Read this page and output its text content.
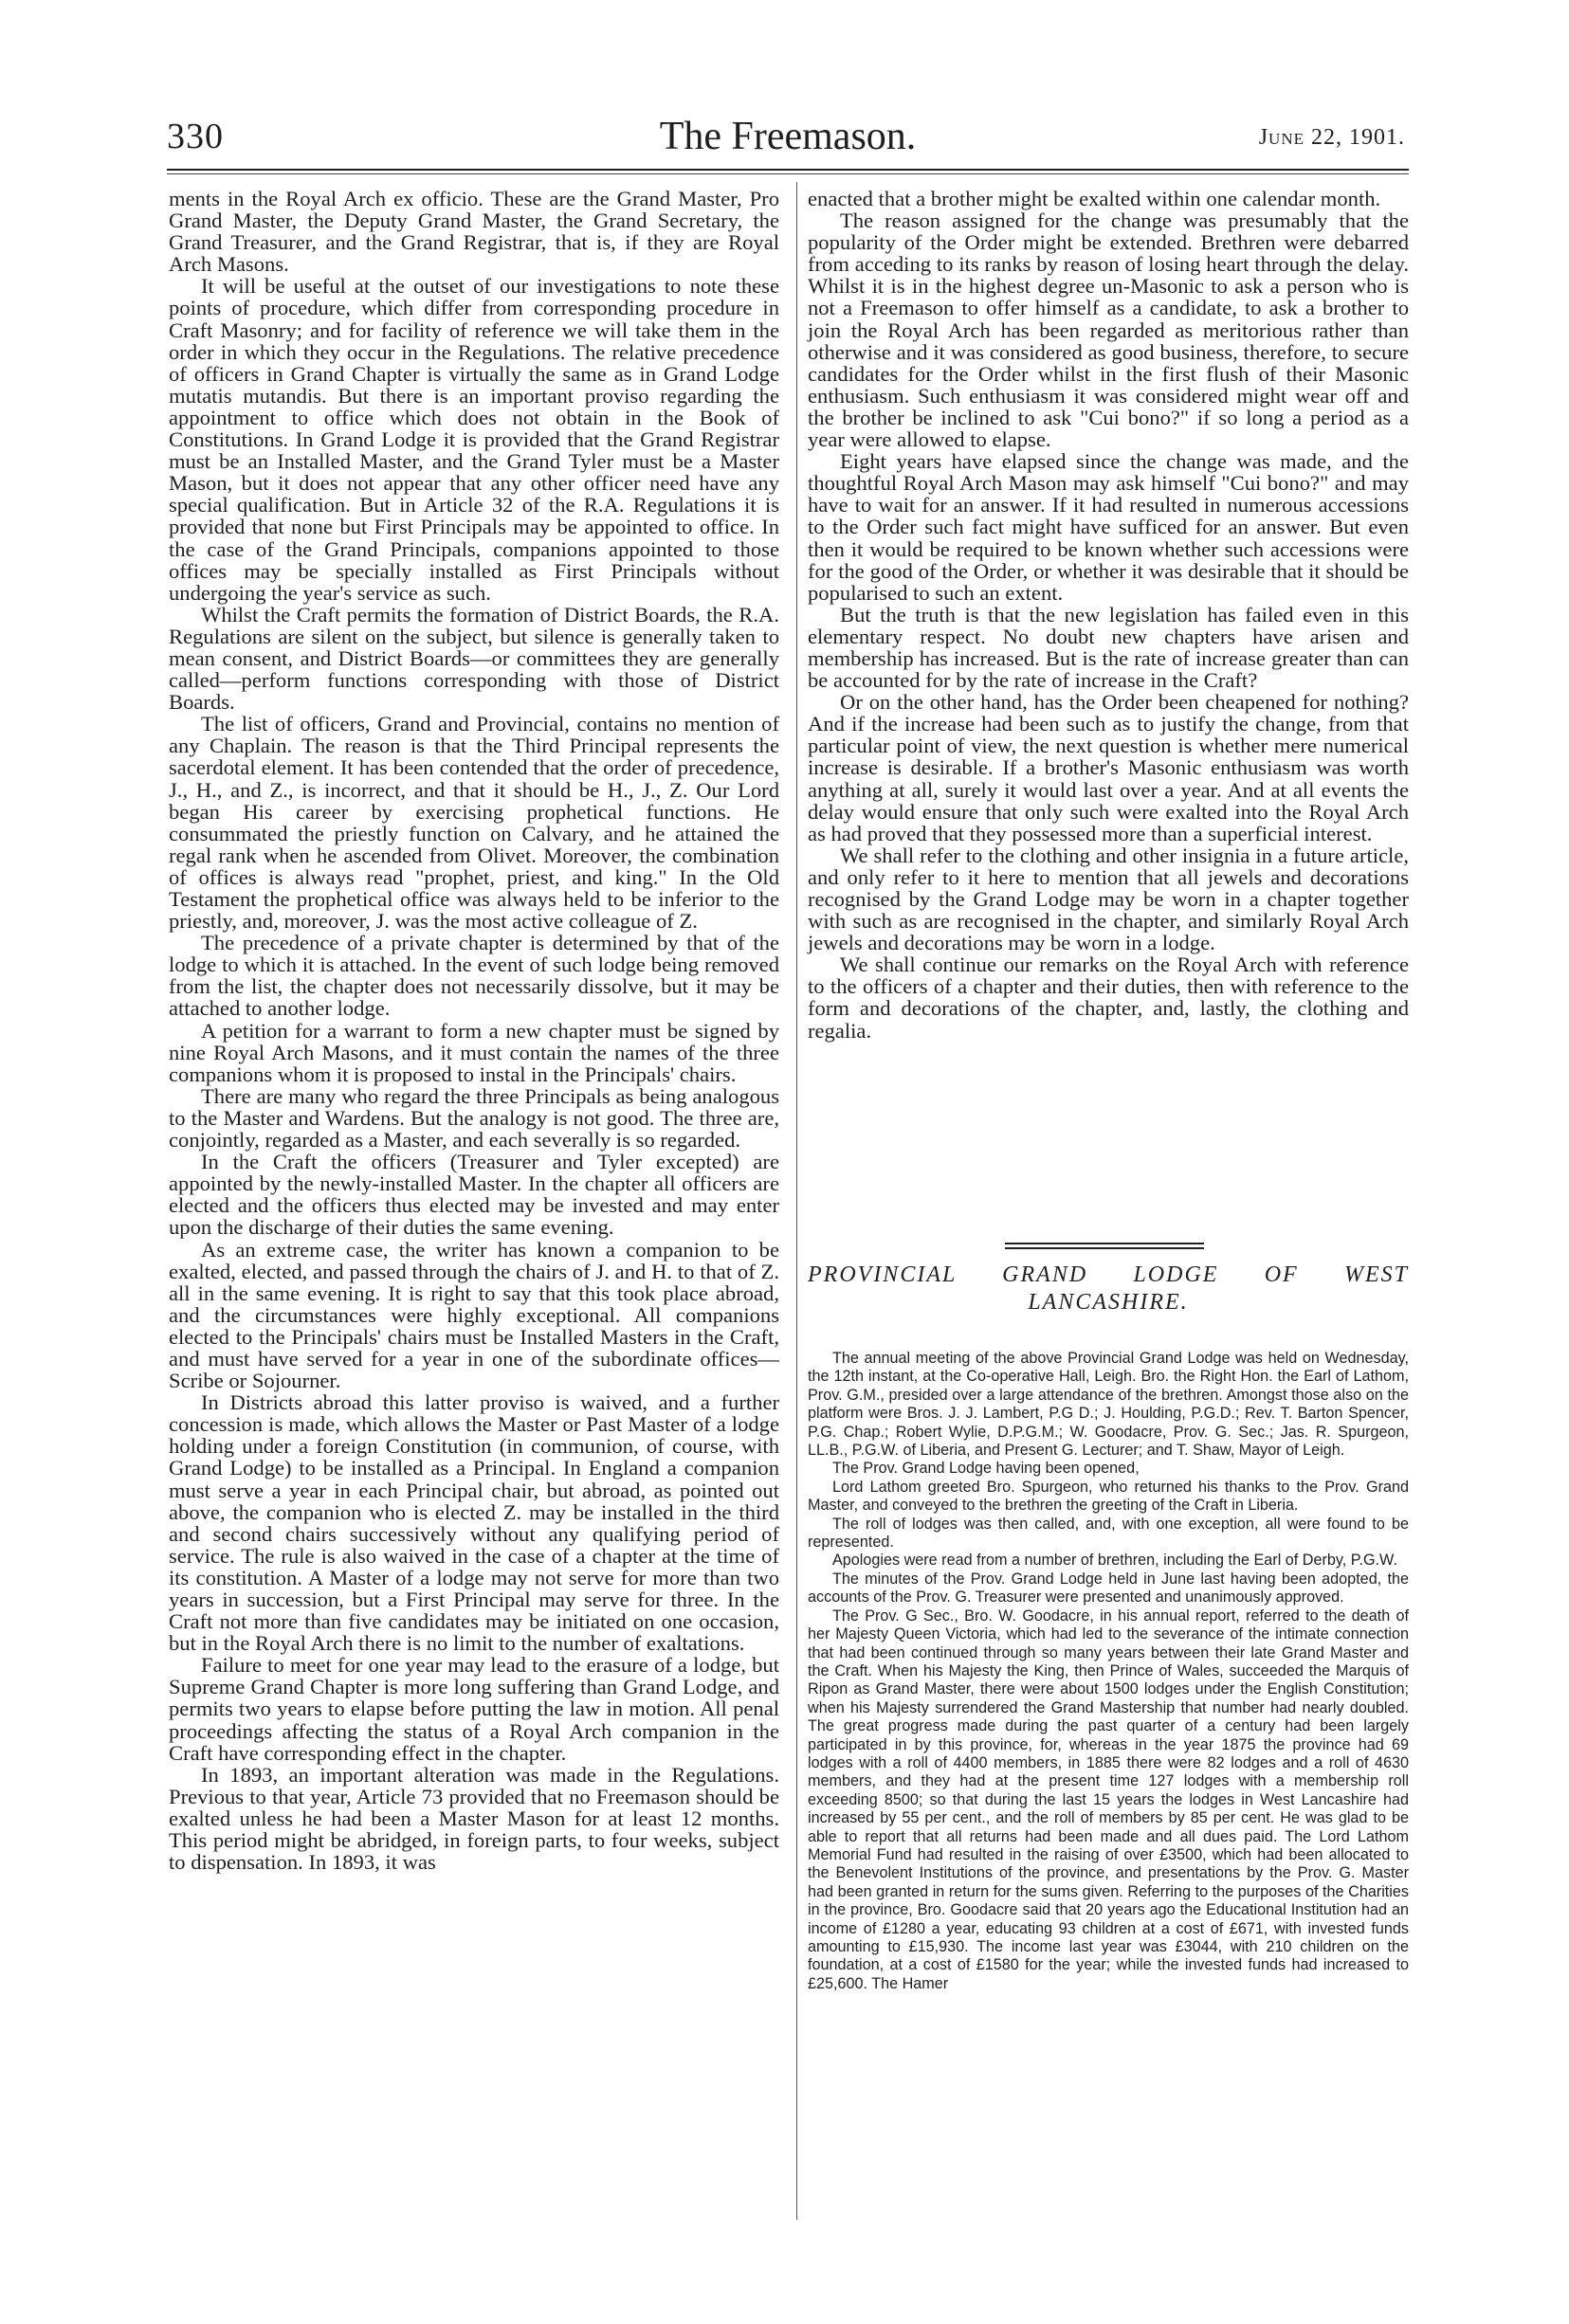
330	The Freemason.	June 22, 1901.

ments in the Royal Arch ex officio. These are the Grand Master, Pro Grand Master, the Deputy Grand Master, the Grand Secretary, the Grand Treasurer, and the Grand Registrar, that is, if they are Royal Arch Masons.

It will be useful at the outset of our investigations to note these points of procedure, which differ from corresponding procedure in Craft Masonry; and for facility of reference we will take them in the order in which they occur in the Regulations. The relative precedence of officers in Grand Chapter is virtually the same as in Grand Lodge mutatis mutandis. But there is an important proviso regarding the appointment to office which does not obtain in the Book of Constitutions. In Grand Lodge it is provided that the Grand Registrar must be an Installed Master, and the Grand Tyler must be a Master Mason, but it does not appear that any other officer need have any special qualification. But in Article 32 of the R.A. Regulations it is provided that none but First Principals may be appointed to office. In the case of the Grand Principals, companions appointed to those offices may be specially installed as First Principals without undergoing the year's service as such.

Whilst the Craft permits the formation of District Boards, the R.A. Regulations are silent on the subject, but silence is generally taken to mean consent, and District Boards—or committees they are generally called—perform functions corresponding with those of District Boards.

The list of officers, Grand and Provincial, contains no mention of any Chaplain. The reason is that the Third Principal represents the sacerdotal element. It has been contended that the order of precedence, J., H., and Z., is incorrect, and that it should be H., J., Z. Our Lord began His career by exercising prophetical functions. He consummated the priestly function on Calvary, and he attained the regal rank when he ascended from Olivet. Moreover, the combination of offices is always read "prophet, priest, and king." In the Old Testament the prophetical office was always held to be inferior to the priestly, and, moreover, J. was the most active colleague of Z.

The precedence of a private chapter is determined by that of the lodge to which it is attached. In the event of such lodge being removed from the list, the chapter does not necessarily dissolve, but it may be attached to another lodge.

A petition for a warrant to form a new chapter must be signed by nine Royal Arch Masons, and it must contain the names of the three companions whom it is proposed to instal in the Principals' chairs.

There are many who regard the three Principals as being analogous to the Master and Wardens. But the analogy is not good. The three are, conjointly, regarded as a Master, and each severally is so regarded.

In the Craft the officers (Treasurer and Tyler excepted) are appointed by the newly-installed Master. In the chapter all officers are elected and the officers thus elected may be invested and may enter upon the discharge of their duties the same evening.

As an extreme case, the writer has known a companion to be exalted, elected, and passed through the chairs of J. and H. to that of Z. all in the same evening. It is right to say that this took place abroad, and the circumstances were highly exceptional. All companions elected to the Principals' chairs must be Installed Masters in the Craft, and must have served for a year in one of the subordinate offices—Scribe or Sojourner.

In Districts abroad this latter proviso is waived, and a further concession is made, which allows the Master or Past Master of a lodge holding under a foreign Constitution (in communion, of course, with Grand Lodge) to be installed as a Principal. In England a companion must serve a year in each Principal chair, but abroad, as pointed out above, the companion who is elected Z. may be installed in the third and second chairs successively without any qualifying period of service. The rule is also waived in the case of a chapter at the time of its constitution. A Master of a lodge may not serve for more than two years in succession, but a First Principal may serve for three. In the Craft not more than five candidates may be initiated on one occasion, but in the Royal Arch there is no limit to the number of exaltations.

Failure to meet for one year may lead to the erasure of a lodge, but Supreme Grand Chapter is more long suffering than Grand Lodge, and permits two years to elapse before putting the law in motion. All penal proceedings affecting the status of a Royal Arch companion in the Craft have corresponding effect in the chapter.

In 1893, an important alteration was made in the Regulations. Previous to that year, Article 73 provided that no Freemason should be exalted unless he had been a Master Mason for at least 12 months. This period might be abridged, in foreign parts, to four weeks, subject to dispensation. In 1893, it was

enacted that a brother might be exalted within one calendar month.

The reason assigned for the change was presumably that the popularity of the Order might be extended. Brethren were debarred from acceding to its ranks by reason of losing heart through the delay. Whilst it is in the highest degree un-Masonic to ask a person who is not a Freemason to offer himself as a candidate, to ask a brother to join the Royal Arch has been regarded as meritorious rather than otherwise and it was considered as good business, therefore, to secure candidates for the Order whilst in the first flush of their Masonic enthusiasm. Such enthusiasm it was considered might wear off and the brother be inclined to ask "Cui bono?" if so long a period as a year were allowed to elapse.

Eight years have elapsed since the change was made, and the thoughtful Royal Arch Mason may ask himself "Cui bono?" and may have to wait for an answer. If it had resulted in numerous accessions to the Order such fact might have sufficed for an answer. But even then it would be required to be known whether such accessions were for the good of the Order, or whether it was desirable that it should be popularised to such an extent.

But the truth is that the new legislation has failed even in this elementary respect. No doubt new chapters have arisen and membership has increased. But is the rate of increase greater than can be accounted for by the rate of increase in the Craft?

Or on the other hand, has the Order been cheapened for nothing? And if the increase had been such as to justify the change, from that particular point of view, the next question is whether mere numerical increase is desirable. If a brother's Masonic enthusiasm was worth anything at all, surely it would last over a year. And at all events the delay would ensure that only such were exalted into the Royal Arch as had proved that they possessed more than a superficial interest.

We shall refer to the clothing and other insignia in a future article, and only refer to it here to mention that all jewels and decorations recognised by the Grand Lodge may be worn in a chapter together with such as are recognised in the chapter, and similarly Royal Arch jewels and decorations may be worn in a lodge.

We shall continue our remarks on the Royal Arch with reference to the officers of a chapter and their duties, then with reference to the form and decorations of the chapter, and, lastly, the clothing and regalia.

PROVINCIAL GRAND LODGE OF WEST
LANCASHIRE.

The annual meeting of the above Provincial Grand Lodge was held on Wednesday, the 12th instant, at the Co-operative Hall, Leigh. Bro. the Right Hon. the Earl of Lathom, Prov. G.M., presided over a large attendance of the brethren. Amongst those also on the platform were Bros. J. J. Lambert, P.G D.; J. Houlding, P.G.D.; Rev. T. Barton Spencer, P.G. Chap.; Robert Wylie, D.P.G.M.; W. Goodacre, Prov. G. Sec.; Jas. R. Spurgeon, LL.B., P.G.W. of Liberia, and Present G. Lecturer; and T. Shaw, Mayor of Leigh.

The Prov. Grand Lodge having been opened,

Lord Lathom greeted Bro. Spurgeon, who returned his thanks to the Prov. Grand Master, and conveyed to the brethren the greeting of the Craft in Liberia.

The roll of lodges was then called, and, with one exception, all were found to be represented.

Apologies were read from a number of brethren, including the Earl of Derby, P.G.W.

The minutes of the Prov. Grand Lodge held in June last having been adopted, the accounts of the Prov. G. Treasurer were presented and unanimously approved.

The Prov. G Sec., Bro. W. Goodacre, in his annual report, referred to the death of her Majesty Queen Victoria, which had led to the severance of the intimate connection that had been continued through so many years between their late Grand Master and the Craft. When his Majesty the King, then Prince of Wales, succeeded the Marquis of Ripon as Grand Master, there were about 1500 lodges under the English Constitution; when his Majesty surrendered the Grand Mastership that number had nearly doubled. The great progress made during the past quarter of a century had been largely participated in by this province, for, whereas in the year 1875 the province had 69 lodges with a roll of 4400 members, in 1885 there were 82 lodges and a roll of 4630 members, and they had at the present time 127 lodges with a membership roll exceeding 8500; so that during the last 15 years the lodges in West Lancashire had increased by 55 per cent., and the roll of members by 85 per cent. He was glad to be able to report that all returns had been made and all dues paid. The Lord Lathom Memorial Fund had resulted in the raising of over £3500, which had been allocated to the Benevolent Institutions of the province, and presentations by the Prov. G. Master had been granted in return for the sums given. Referring to the purposes of the Charities in the province, Bro. Goodacre said that 20 years ago the Educational Institution had an income of £1280 a year, educating 93 children at a cost of £671, with invested funds amounting to £15,930. The income last year was £3044, with 210 children on the foundation, at a cost of £1580 for the year; while the invested funds had increased to £25,600. The Hamer
